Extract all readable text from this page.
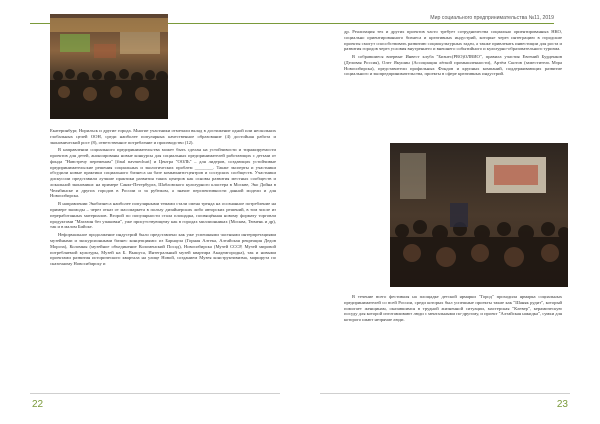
Мир социального предпринимательства №11, 2019

Екатеринбург, Норильск и другие города. Многие участники отмечали вклад в достижение одной или нескольких глобальных целей ООН, среди наиболее популярных качественное образование (4) достойная работа и экономический рост (8), ответственное потребление и производство (12).

В направлении социального предпринимательства может быть сделан на устойчивости и тиражируемости проектов для детей, анонсированы новые конкурсы для социальных предпринимателей работающих с детьми от фонда "Навстречу переменам" [final navmechuri] и Центра "ООЛЬ" – для лидеров, создающих устойчивые предпринимательские решения социальных и экологических проблем ________. Также эксперты и участники обсудили новые практики социального бизнеса на базе комьюнити-центров и соседских сообществ. Участники дискуссии представили лучшие практики развития таких центров как основы развития местных сообществ и локальной экономики: на примере Санкт-Петербурга, Шабловского культурного кластера в Москве, Эко Дойна в Челябинске и других городов в России и за рубежом, а значит перспективности данной модели и для Новосибирска.

В направлении Экобизнеса наиболее популярными темами стали смена тренда на осознанное потребление на примере экомоды – через отказ от массмаркета в пользу дизайнерских либо авторских решений, в том числе из переработанных материалов. Второй по популярности стала площадка, посвящённая новому формату торговли продуктами "Магазин без упаковки", уже присутствующему как в городах миллионниках (Москва, Тюмень и др), так и в малом Бийске.

Неформальное продолжение индустрий было представлено как уже успешными частными интерпретациями музейными и экскурсионными бизнес концепциями: из Барнаула (Горная Алтека, Алтайская рекреация Дедов Мороза), Коломны (музейное объединение Коломенский Посад), Новосибирска (Музей СССР, Музей мировой потребляемой культуры, Музей на Б. Вышуса, Интегральный музей квартира Академгородка), так и новыми проектами развития исторического квартала на улице Новой, созданием Музея конструктивизма, маршрута по сказочному Новосибирску и

22

др. Реализация тех и других проектов часто требует сотрудничества социально ориентированных НКО, социально ориентированного бизнеса и креативных индустрий, которые через интеграцию в городские проекты смогут способствовать развитию социокультурных задач, а также привлекать инвестиции для роста и развития городов через условия внутреннего и внешнего событийного и культурно-образовательного туризма.

В собравшиеся впервые Инвест клуба "Бизнес(PRO)ОЛВИО", правила участия Евгений Бурденков (Деловая Россия), Олег Якушин (Ассоциация лёгкой промышленности), Артём Скотов (заместитель Мэра Новосибирска), представители профильных Фондов и крупных компаний, поддерживающих развитие социального и экопредпринимательства, проекты в сфере креативных индустрий.

В течение всего фестиваля на площадке детской ярмарки "Город" проходила ярмарка социальных предпринимателей со всей России, среди которых был успешные проекты такие как "Шаняк рудит", который помогает женщинам, оказавшимся в трудной жизненной ситуации, мастерская "Клевер", керамическую посуду для которой изготавливают люди с ментальными по-другому, и проект "Алтайская накидка", сумки для которого шьют незрячие люди.

23
